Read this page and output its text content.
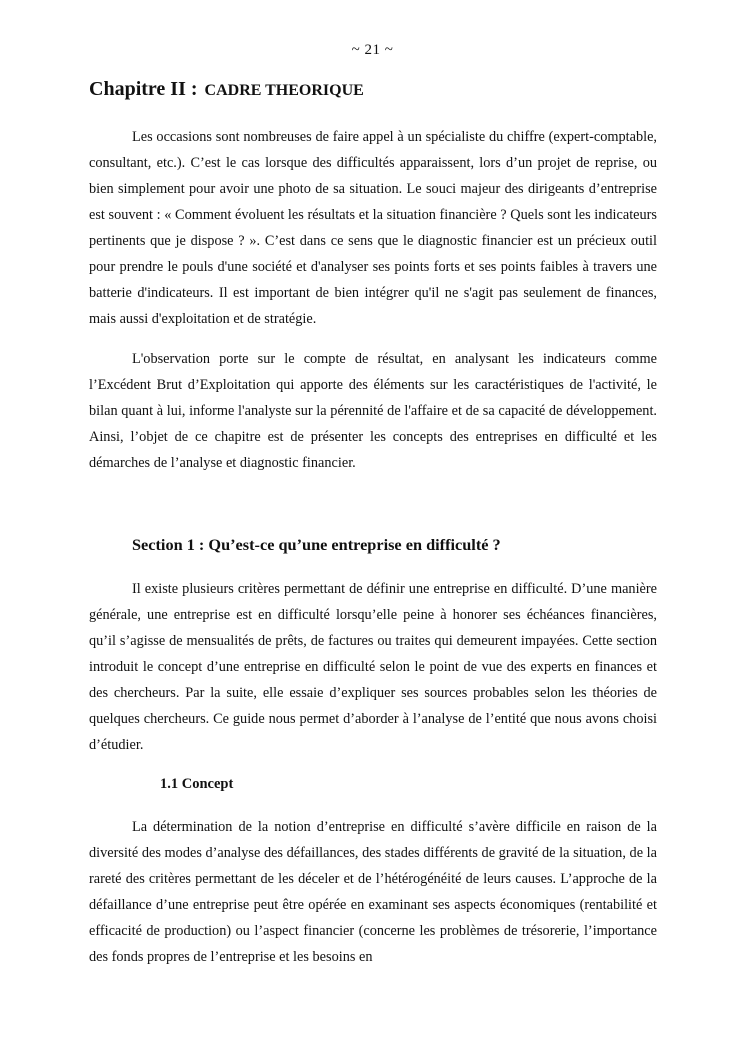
~ 21 ~
Chapitre II : CADRE THEORIQUE

Les occasions sont nombreuses de faire appel à un spécialiste du chiffre (expert-comptable, consultant, etc.). C’est le cas lorsque des difficultés apparaissent, lors d’un projet de reprise, ou bien simplement pour avoir une photo de sa situation. Le souci majeur des dirigeants d’entreprise est souvent : « Comment évoluent les résultats et la situation financière ? Quels sont les indicateurs pertinents que je dispose ? ». C’est dans ce sens que le diagnostic financier est un précieux outil pour prendre le pouls d'une société et d'analyser ses points forts et ses points faibles à travers une batterie d'indicateurs. Il est important de bien intégrer qu'il ne s'agit pas seulement de finances, mais aussi d'exploitation et de stratégie.

L'observation porte sur le compte de résultat, en analysant les indicateurs comme l’Excédent Brut d’Exploitation qui apporte des éléments sur les caractéristiques de l'activité, le bilan quant à lui, informe l'analyste sur la pérennité de l'affaire et de sa capacité de développement. Ainsi, l’objet de ce chapitre est de présenter les concepts des entreprises en difficulté et les démarches de l’analyse et diagnostic financier.

Section 1 : Qu’est-ce qu’une entreprise en difficulté ?

Il existe plusieurs critères permettant de définir une entreprise en difficulté. D’une manière générale, une entreprise est en difficulté lorsqu’elle peine à honorer ses échéances financières, qu’il s’agisse de mensualités de prêts, de factures ou traites qui demeurent impayées. Cette section introduit le concept d’une entreprise en difficulté selon le point de vue des experts en finances et des chercheurs. Par la suite, elle essaie d’expliquer ses sources probables selon les théories de quelques chercheurs. Ce guide nous permet d’aborder à l’analyse de l’entité que nous avons choisi d’étudier.

1.1 Concept

La détermination de la notion d’entreprise en difficulté s’avère difficile en raison de la diversité des modes d’analyse des défaillances, des stades différents de gravité de la situation, de la rareté des critères permettant de les déceler et de l’hétérogénéité de leurs causes. L’approche de la défaillance d’une entreprise peut être opérée en examinant ses aspects économiques (rentabilité et efficacité de production) ou l’aspect financier (concerne les problèmes de trésorerie, l’importance des fonds propres de l’entreprise et les besoins en
